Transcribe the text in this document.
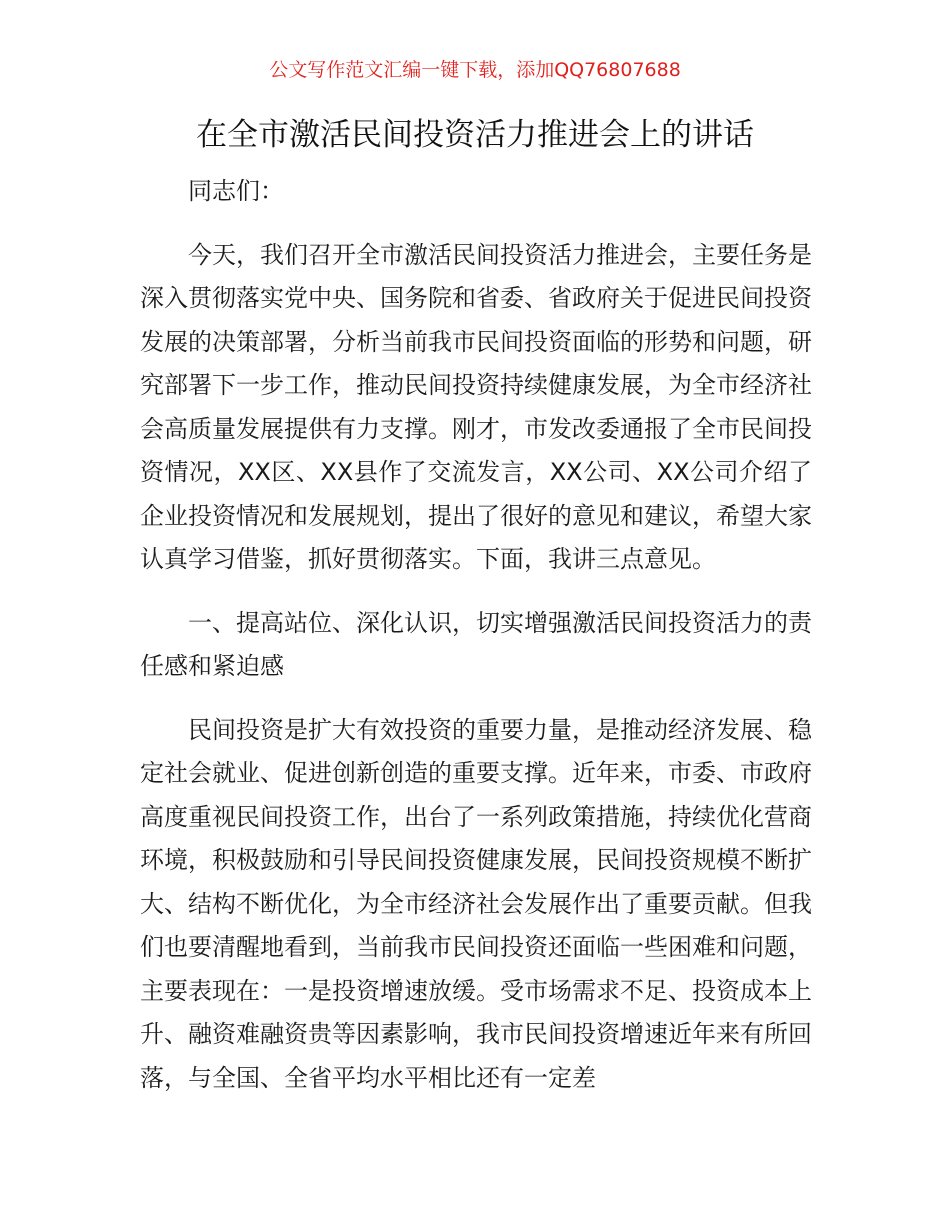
公文写作范文汇编一键下载，添加QQ76807688
在全市激活民间投资活力推进会上的讲话

同志们：

今天，我们召开全市激活民间投资活力推进会，主要任务是深入贯彻落实党中央、国务院和省委、省政府关于促进民间投资发展的决策部署，分析当前我市民间投资面临的形势和问题，研究部署下一步工作，推动民间投资持续健康发展，为全市经济社会高质量发展提供有力支撑。刚才，市发改委通报了全市民间投资情况，XX区、XX县作了交流发言，XX公司、XX公司介绍了企业投资情况和发展规划，提出了很好的意见和建议，希望大家认真学习借鉴，抓好贯彻落实。下面，我讲三点意见。

一、提高站位、深化认识，切实增强激活民间投资活力的责任感和紧迫感

民间投资是扩大有效投资的重要力量，是推动经济发展、稳定社会就业、促进创新创造的重要支撑。近年来，市委、市政府高度重视民间投资工作，出台了一系列政策措施，持续优化营商环境，积极鼓励和引导民间投资健康发展，民间投资规模不断扩大、结构不断优化，为全市经济社会发展作出了重要贡献。但我们也要清醒地看到，当前我市民间投资还面临一些困难和问题，主要表现在：一是投资增速放缓。受市场需求不足、投资成本上升、融资难融资贵等因素影响，我市民间投资增速近年来有所回落，与全国、全省平均水平相比还有一定差
